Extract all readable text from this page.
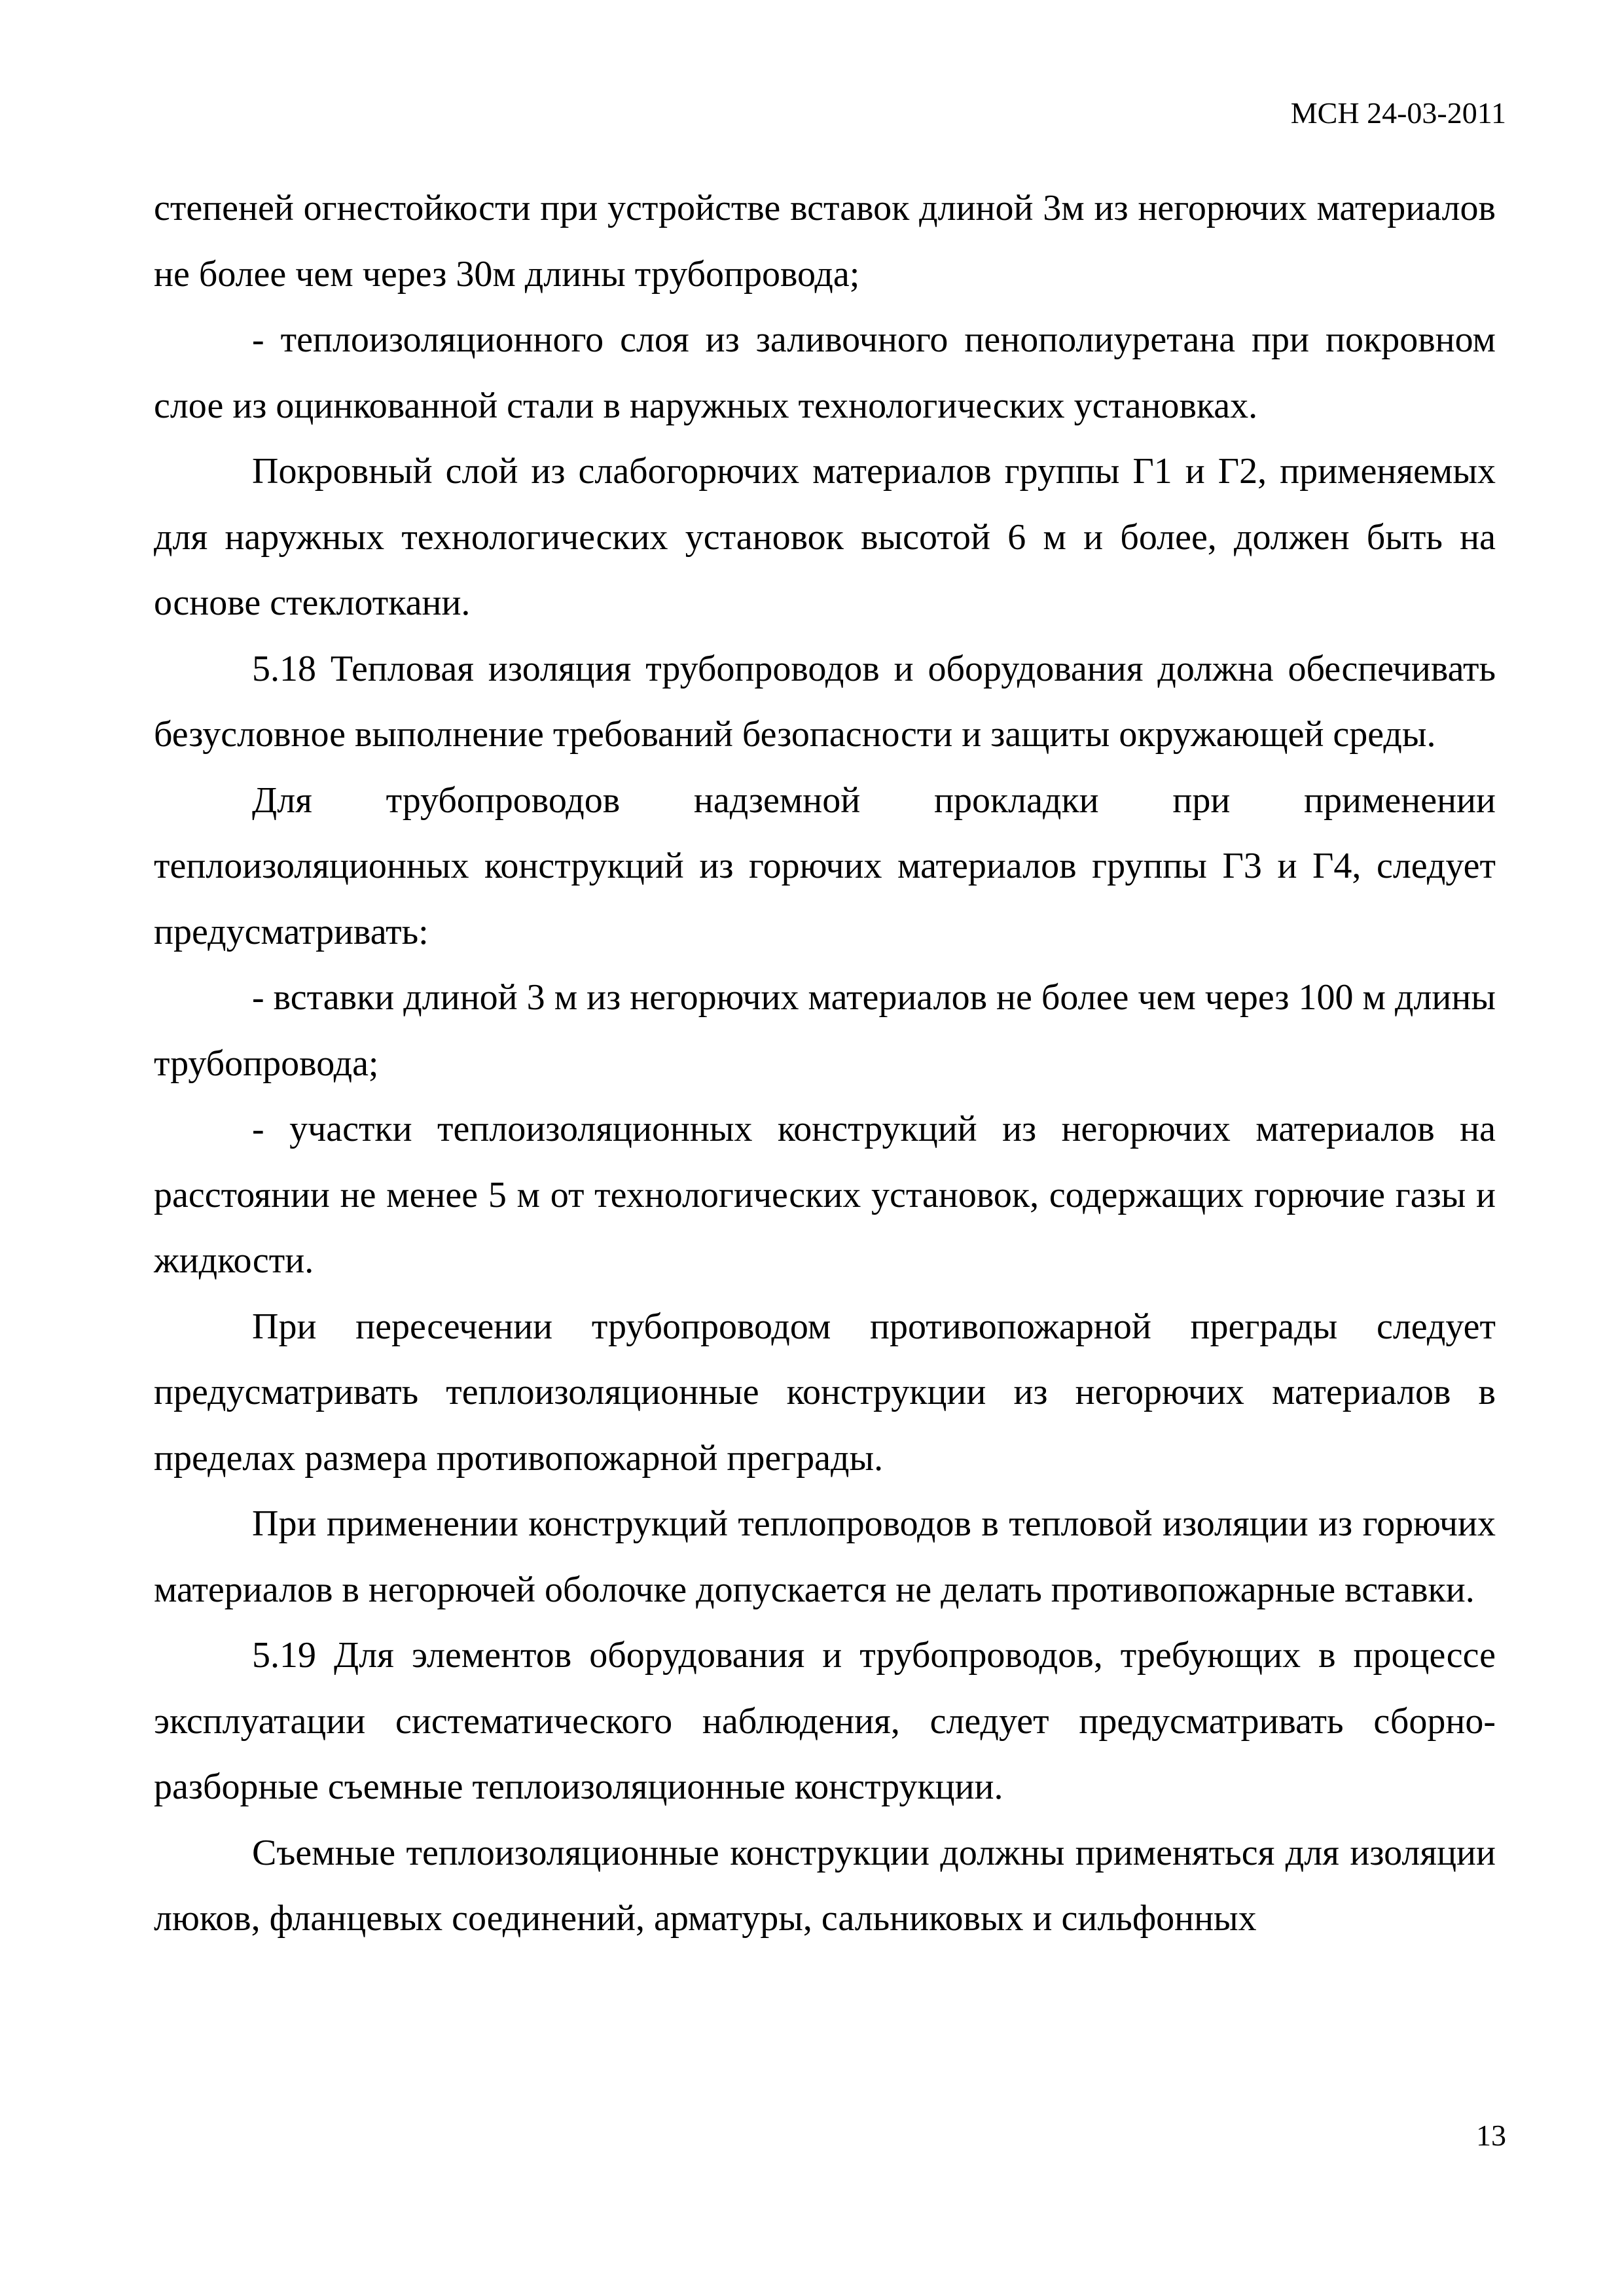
МСН 24-03-2011

степеней огнестойкости при устройстве вставок длиной 3м из негорючих материалов не более чем через 30м длины трубопровода;

- теплоизоляционного слоя из заливочного пенополиуретана при покровном слое из оцинкованной стали в наружных технологических установках.

Покровный слой из слабогорючих материалов группы Г1 и Г2, применяемых для наружных технологических установок высотой 6 м и более, должен быть на основе стеклоткани.

5.18 Тепловая изоляция трубопроводов и оборудования должна обеспечивать безусловное выполнение требований безопасности и защиты окружающей среды.

Для трубопроводов надземной прокладки при применении теплоизоляционных конструкций из горючих материалов группы Г3 и Г4, следует предусматривать:

- вставки длиной 3 м из негорючих материалов не более чем через 100 м длины трубопровода;

- участки теплоизоляционных конструкций из негорючих материалов на расстоянии не менее 5 м от технологических установок, содержащих горючие газы и жидкости.

При пересечении трубопроводом противопожарной преграды следует предусматривать теплоизоляционные конструкции из негорючих материалов в пределах размера противопожарной преграды.

При применении конструкций теплопроводов в тепловой изоляции из горючих материалов в негорючей оболочке допускается не делать противопожарные вставки.

5.19 Для элементов оборудования и трубопроводов, требующих в процессе эксплуатации систематического наблюдения, следует предусматривать сборно-разборные съемные теплоизоляционные конструкции.

Съемные теплоизоляционные конструкции должны применяться для изоляции люков, фланцевых соединений, арматуры, сальниковых и сильфонных

13
